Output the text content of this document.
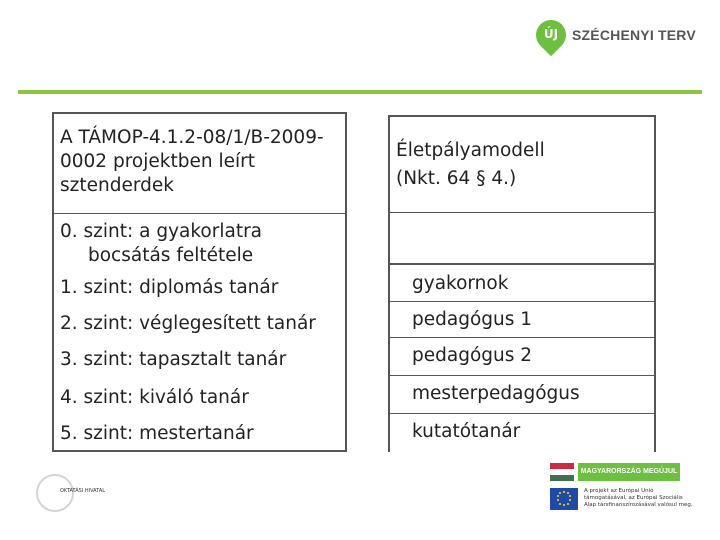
ÚJ SZÉCHENYI TERV
A TÁMOP-4.1.2-08/1/B-2009-0002 projektben leírt sztenderdek
0. szint: a gyakorlatra
bocsátás feltétele
1. szint: diplomás tanár
2. szint: véglegesített tanár
3. szint: tapasztalt tanár
4. szint: kiváló tanár
5. szint: mestertanár
Életpályamodell
(Nkt. 64 § 4.)
gyakornok
pedagógus 1
pedagógus 2
mesterpedagógus
kutatótanár
OKTATÁSI HIVATAL
MAGYARORSZÁG MEGÚJUL
A projekt az Európai Unió támogatásával, az Európai Szociális Alap társfinanszírozásával valósul meg.
